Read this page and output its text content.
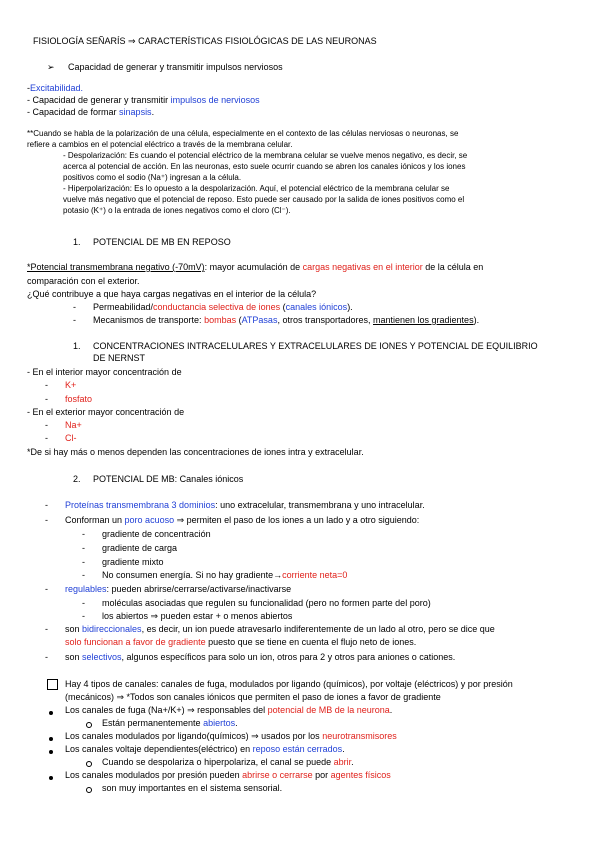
FISIOLOGÍA SEÑARÍS ⇒ CARACTERÍSTICAS FISIOLÓGICAS DE LAS NEURONAS
➢ Capacidad de generar y transmitir impulsos nerviosos
-Excitabilidad.
- Capacidad de generar y transmitir impulsos de nerviosos
- Capacidad de formar sinapsis.
**Cuando se habla de la polarización de una célula, especialmente en el contexto de las células nerviosas o neuronas, se
refiere a cambios en el potencial eléctrico a través de la membrana celular.
- Despolarización: Es cuando el potencial eléctrico de la membrana celular se vuelve menos negativo, es decir, se
acerca al potencial de acción. En las neuronas, esto suele ocurrir cuando se abren los canales iónicos y los iones
positivos como el sodio (Na⁺) ingresan a la célula.
- Hiperpolarización: Es lo opuesto a la despolarización. Aquí, el potencial eléctrico de la membrana celular se
vuelve más negativo que el potencial de reposo. Esto puede ser causado por la salida de iones positivos como el
potasio (K⁺) o la entrada de iones negativos como el cloro (Cl⁻).
1. POTENCIAL DE MB EN REPOSO
*Potencial transmembrana negativo (-70mV): mayor acumulación de cargas negativas en el interior de la célula en
comparación con el exterior.
¿Qué contribuye a que haya cargas negativas en el interior de la célula?
- Permeabilidad/conductancia selectiva de iones (canales iónicos).
- Mecanismos de transporte: bombas (ATPasas, otros transportadores, mantienen los gradientes).
1. CONCENTRACIONES INTRACELULARES Y EXTRACELULARES DE IONES Y POTENCIAL DE EQUILIBRIO
DE NERNST
- En el interior mayor concentración de
- K+
- fosfato
- En el exterior mayor concentración de
- Na+
- Cl-
*De si hay más o menos dependen las concentraciones de iones intra y extracelular.
2. POTENCIAL DE MB: Canales iónicos
- Proteínas transmembrana 3 dominios: uno extracelular, transmembrana y uno intracelular.
- Conforman un poro acuoso ⇒ permiten el paso de los iones a un lado y a otro siguiendo:
- gradiente de concentración
- gradiente de carga
- gradiente mixto
- No consumen energía. Si no hay gradiente→corriente neta=0
- regulables: pueden abrirse/cerrarse/activarse/inactivarse
- moléculas asociadas que regulen su funcionalidad (pero no formen parte del poro)
- los abiertos ⇒ pueden estar + o menos abiertos
- son bidireccionales, es decir, un ion puede atravesarlo indiferentemente de un lado al otro, pero se dice que
solo funcionan a favor de gradiente puesto que se tiene en cuenta el flujo neto de iones.
- son selectivos, algunos específicos para solo un ion, otros para 2 y otros para aniones o cationes.
Hay 4 tipos de canales: canales de fuga, modulados por ligando (químicos), por voltaje (eléctricos) y por presión
(mecánicos) ⇒ *Todos son canales iónicos que permiten el paso de iones a favor de gradiente
Los canales de fuga (Na+/K+) ⇒ responsables del potencial de MB de la neurona.
Están permanentemente abiertos.
Los canales modulados por ligando(químicos) ⇒ usados por los neurotransmisores
Los canales voltaje dependientes(eléctrico) en reposo están cerrados.
Cuando se despolariza o hiperpolariza, el canal se puede abrir.
Los canales modulados por presión pueden abrirse o cerrarse por agentes físicos
son muy importantes en el sistema sensorial.
